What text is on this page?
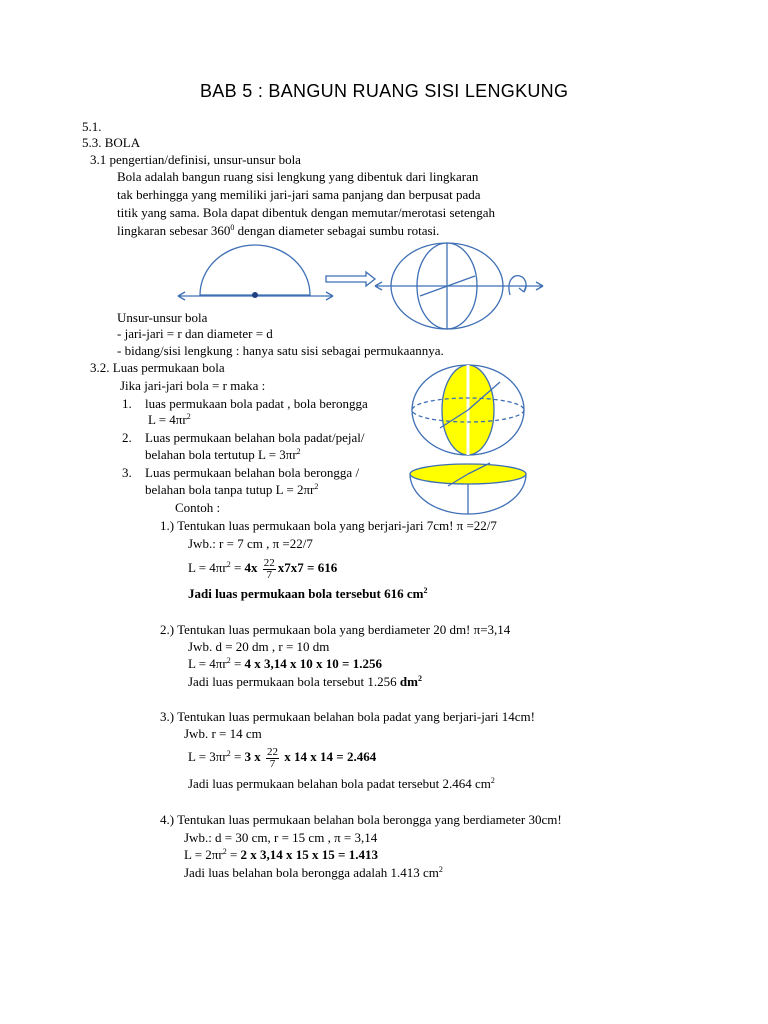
BAB 5 : BANGUN RUANG SISI LENGKUNG
5.1.
5.3. BOLA
3.1 pengertian/definisi, unsur-unsur bola
Bola adalah bangun ruang sisi lengkung yang dibentuk dari lingkaran
tak berhingga yang memiliki jari-jari sama panjang dan berpusat pada
titik yang sama. Bola dapat dibentuk dengan memutar/merotasi setengah
lingkaran sebesar $360^0$ dengan diameter sebagai sumbu rotasi.
Unsur-unsur bola
- jari-jari = r dan diameter = d
- bidang/sisi lengkung : hanya satu sisi sebagai permukaannya.
3.2. Luas permukaan bola
Jika jari-jari bola = r maka :
1. luas permukaan bola padat , bola berongga
$L = 4\pi r^2$
2. Luas permukaan belahan bola padat/pejal/
belahan bola tertutup $L = 3\pi r^2$
3. Luas permukaan belahan bola berongga /
belahan bola tanpa tutup $L = 2\pi r^2$
Contoh :
1.) Tentukan luas permukaan bola yang berjari-jari 7cm! π =22/7
Jwb.: r = 7 cm , π =22/7
$L = 4\pi r^2 = 4x \frac{22}{7} x7x7 = 616$
Jadi luas permukaan bola tersebut 616 $cm^2$
2.) Tentukan luas permukaan bola yang berdiameter 20 dm! π=3,14
Jwb. d = 20 dm , r = 10 dm
$L = 4\pi r^2 = 4$ x 3,14 x 10 x 10 = 1.256
Jadi luas permukaan bola tersebut 1.256 $dm^2$
3.) Tentukan luas permukaan belahan bola padat yang berjari-jari 14cm!
Jwb. r = 14 cm
$L = 3\pi r^2 = 3$ x $\frac{22}{7}$ x 14 x 14 = 2.464
Jadi luas permukaan belahan bola padat tersebut 2.464 $cm^2$
4.) Tentukan luas permukaan belahan bola berongga yang berdiameter 30cm!
Jwb.: d = 30 cm, r = 15 cm , π = 3,14
$L = 2\pi r^2 = 2$ x 3,14 x 15 x 15 = 1.413
Jadi luas belahan bola berongga adalah 1.413 $cm^2$
